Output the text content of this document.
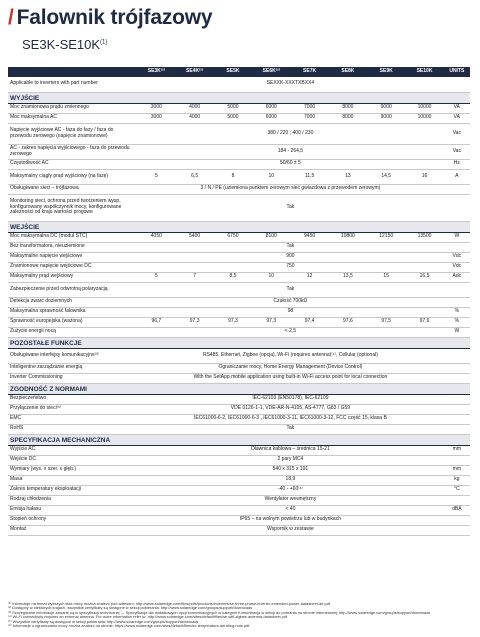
/ Falownik trójfazowy
$SE3K-SE10K^{(1)}$
	SE3K⁽²⁾	SE4K⁽²⁾	SE5K	SE6K⁽²⁾	SE7K	SE8K	SE9K	SE10K	UNITS
Applicable to inverters with part number	SEXXK-XXXTXBXX4								
WYJŚCIE									
Moc znamionowa prądu zmiennego	3000	4000	5000	6000	7000	8000	9000	10000	VA
Moc maksymalna AC	3000	4000	5000	6000	7000	8000	9000	10000	VA
Napięcie wyjściowe AC - faza do fazy / faza do przewodu zerowego (napięcie znamionowe)	380 / 220 ; 400 / 230								Vac
AC - zakres napięcia wyjściowego - faza do przewodu zerowego	184 - 264,5								Vac
Częstotliwość AC	50/60 ± 5								Hz
Maksymalny ciągły prąd wyjściowy (na fazę)	5	6,5	8	10	11,5	13	14,5	16	A
Obsługiwane sieci – trójfazowa	3 / N / PE (uziemiona punktem zerowym sieć gwiazdowa z przewodem zerowym)								
Monitoring sieci, ochrona przed tworzeniem wysp, konfigurowany współczynnik mocy, konfigurowane zależności od kraju wartości progowe	Tak								
WEJŚCIE									
Moc maksymalna DC (moduł STC)	4050	5400	6750	8100	9450	10800	12150	13500	W
Bez transformatora, nieuziemione	Tak								
Maksymalne napięcie wejściowe	900								Vdc
Znamionowe napięcie wejściowe DC	750								Vdc
Maksymalny prąd wejściowy	5	7	8,5	10	12	13,5	15	16,5	Adc
Zabezpieczenie przed odwrotną polaryzacją	Tak								
Detekcja zwarć doziemnych	Czułość 700kΩ								
Maksymalna sprawność falownika	98								%
Sprawność europejska (ważona)	96,7	97,3	97,3	97,3	97,4	97,6	97,5	97,6	%
Zużycie energii nocą	< 2,5								W
POZOSTAŁE FUNKCJE									
Obsługiwane interfejsy komunikacyjne⁽³⁾	RS485, Ethernet, Zigbee (opcja), Wi-Fi (requires antenna)⁽⁴⁾, Cellular (optional)								
Inteligentne zarządzanie energią	Ograniczanie mocy, Home Energy Management (Device Control)								
Inverter Commissioning	With the SetApp mobile application using built-in Wi-Fi access point for local connection								
ZGODNOŚĆ Z NORMAMI									
Bezpieczeństwo	IEC-62103 (EN50178), IEC-62109								
Przyłączenie do sieci⁽⁵⁾	VDE 0126-1-1, VDE-AR-N-4105, AS-4777, G83 / G59								
EMC	IEC61000-6-2, IEC61000-6-3 , IEC61000-3-11, IEC61000-3-12, FCC część 15, klasa B								
RoHS	Tak								
SPECYFIKACJA MECHANICZNA									
Wyjście AC	Dławnica kablowa – średnica 15-21								mm
Wejście DC	2 pary MC4								
Wymiary (wys. x szer. x głęb.)	540 x 315 x 191								mm
Masa	18,9								kg
Zakres temperatury eksploatacji	-40 - +60⁽⁶⁾								°C
Rodzaj chłodzenia	Wentylator wewnętrzny								
Emisja hałasu	< 40								dBA
Stopień ochrony	IP65 – na wolnym powietrzu lub w budynkach								
Montaż	Wspornik w zestawie								
⁽¹⁾ Informacje na temat wyższych klas mocy można znaleźć pod adresem: http://www.solaredge.com/files/pdfs/products/inverters/se-three-phase-inverter-extended-power-datasheet-de.pdf
⁽²⁾ Dostępny w niektórych krajach, wszystkie certyfikaty są dostępne w sekcji pobierania: http://www.solaredge.com/groups/support/downloads
⁽³⁾ Szczegółowe informacje zawarte są w specyfikacji technicznej → Specyfikacja dla dodatkowych opcji komunikacyjnych w kategorii Komunikacja w sekcji do pobrania na stronie internetowej: http://www.solaredge.com/groups/support/downloads
⁽⁴⁾ Wi-Fi connectivity requires an external antenna. For more information refer to: http://www.solaredge.com/sites/default/files/se-wifi-zigbee-antenna-datasheet.pdf
⁽⁵⁾ Wszystkie certyfikaty są dostępne w sekcji pobierania: http://www.solaredge.com/groups/support/downloads
⁽⁶⁾ Informacje o ograniczaniu mocy można znaleźć na stronie: https://www.solaredge.com/sites/default/files/se-temperature-derating-note.pdf
